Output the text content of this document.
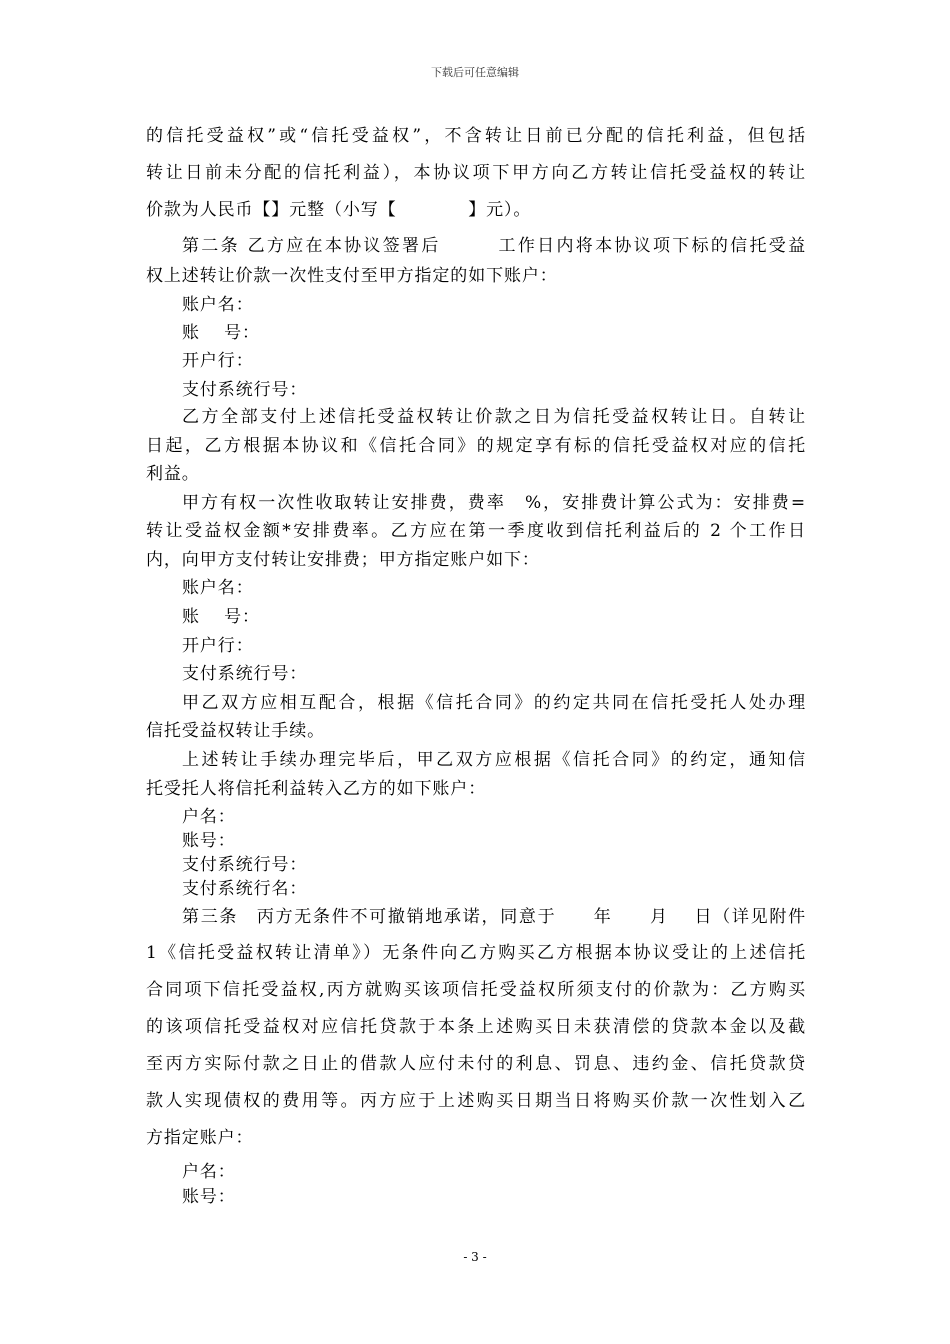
下载后可任意编辑
的信托受益权”或“信托受益权”，不含转让日前已分配的信托利益，但包括
转让日前未分配的信托利益），本协议项下甲方向乙方转让信托受益权的转让
价款为人民币【】元整（小写【　　　　】元）。
第二条 乙方应在本协议签署后　　　工作日内将本协议项下标的信托受益
权上述转让价款一次性支付至甲方指定的如下账户：
账户名：
账　 号：
开户行：
支付系统行号：
乙方全部支付上述信托受益权转让价款之日为信托受益权转让日。自转让
日起，乙方根据本协议和《信托合同》的规定享有标的信托受益权对应的信托
利益。
甲方有权一次性收取转让安排费，费率　%，安排费计算公式为：安排费=
转让受益权金额*安排费率。乙方应在第一季度收到信托利益后的 2 个工作日
内，向甲方支付转让安排费；甲方指定账户如下：
账户名：
账　 号：
开户行：
支付系统行号：
甲乙双方应相互配合，根据《信托合同》的约定共同在信托受托人处办理
信托受益权转让手续。
上述转让手续办理完毕后，甲乙双方应根据《信托合同》的约定，通知信
托受托人将信托利益转入乙方的如下账户：
户名：
账号：
支付系统行号：
支付系统行名：
第三条　丙方无条件不可撤销地承诺，同意于　　年　　月　 日（详见附件
1《信托受益权转让清单》）无条件向乙方购买乙方根据本协议受让的上述信托
合同项下信托受益权,丙方就购买该项信托受益权所须支付的价款为：乙方购买
的该项信托受益权对应信托贷款于本条上述购买日未获清偿的贷款本金以及截
至丙方实际付款之日止的借款人应付未付的利息、罚息、违约金、信托贷款贷
款人实现债权的费用等。丙方应于上述购买日期当日将购买价款一次性划入乙
方指定账户：
户名：
账号：
- 3 -
